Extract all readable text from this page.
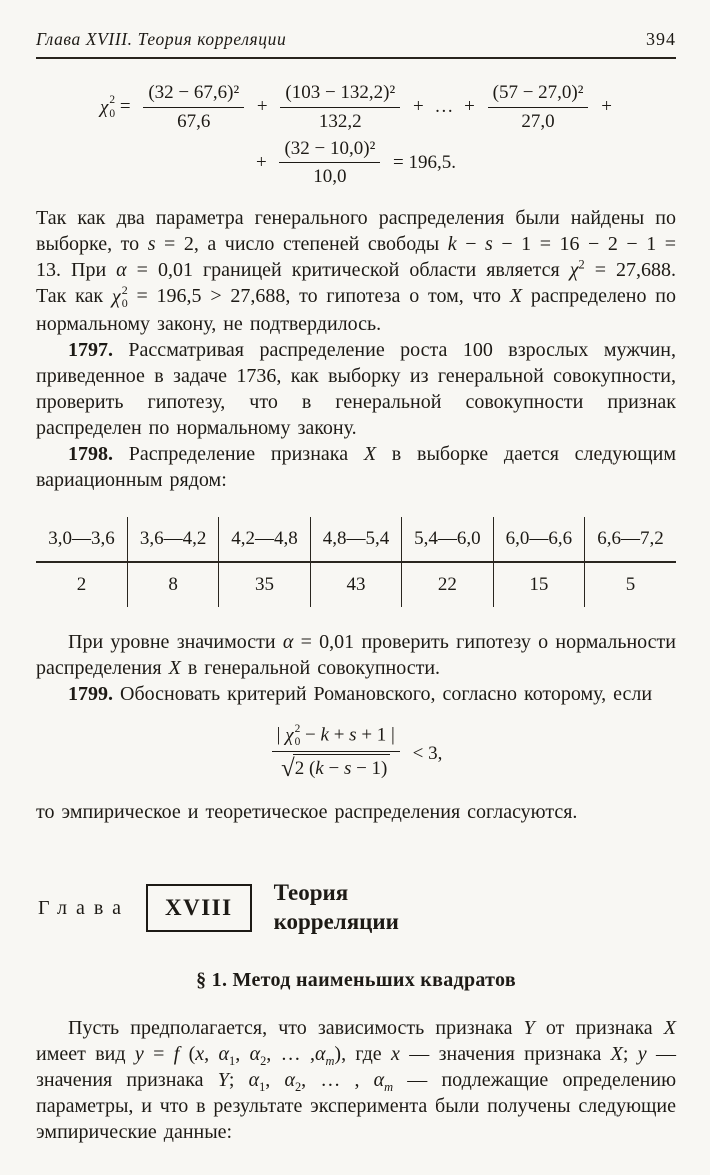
Глава XVIII. Теория корреляции	394
χ 2
$0 = \frac{\text{(32 − 67,6)²}}{67,6} + \frac{\text{(103 − 132,2)²}}{132,2}$ + … + $\frac{\text{(57 − 27,0)²}}{27,0}$ +
+ $\frac{\text{(32 − 10,0)²}}{10,0} = 196,5$.

Так как два параметра генерального распределения были найдены по выборке, то s = 2, а число степеней свободы k − s − 1 = 16 − 2 − 1 = 13. При α = 0,01 границей критической области является $\chi^2 = 27,688$. Так как χ 2
0 = 196,5 > 27,688, то гипотеза о том, что X распределено по нормальному закону, не подтвердилось.

1797. Рассматривая распределение роста 100 взрослых мужчин, приведенное в задаче 1736, как выборку из генеральной совокупности, проверить гипотезу, что в генеральной совокупности признак распределен по нормальному закону.

1798. Распределение признака X в выборке дается следующим вариационным рядом:

3,0—3,6	3,6—4,2	4,2—4,8	4,8—5,4	5,4—6,0	6,0—6,6	6,6—7,2
2	8	35	43	22	15	5

При уровне значимости α = 0,01 проверить гипотезу о нормальности распределения X в генеральной совокупности.

1799. Обосновать критерий Романовского, согласно которому, если

| χ 2
0 − k + s + 1 |
√2 (k − s − 1) < 3,

то эмпирическое и теоретическое распределения согласуются.

Глава	XVIII
Теория
корреляции
§ 1. Метод наименьших квадратов

Пусть предполагается, что зависимость признака Y от признака X имеет вид y = f (x, $\alpha_1$, $\alpha_2$, … $,\alpha_m$), где x — значения признака X; y — значения признака Y; $\alpha_1$, $\alpha_2$, … , $\alpha_m$ — подлежащие определению параметры, и что в результате эксперимента были получены следующие эмпирические данные:
